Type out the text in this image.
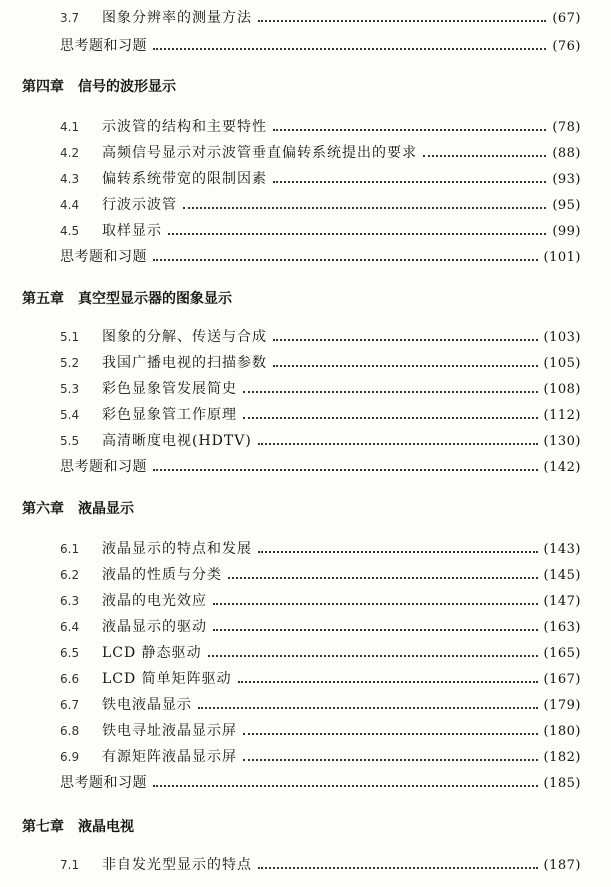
3.7	图象分辨率的测量方法	(67)
思考题和习题	(76)
第四章 信号的波形显示
4.1	示波管的结构和主要特性	(78)
4.2	高频信号显示对示波管垂直偏转系统提出的要求	(88)
4.3	偏转系统带宽的限制因素	(93)
4.4	行波示波管	(95)
4.5	取样显示	(99)
思考题和习题	(101)
第五章 真空型显示器的图象显示
5.1	图象的分解、传送与合成	(103)
5.2	我国广播电视的扫描参数	(105)
5.3	彩色显象管发展简史	(108)
5.4	彩色显象管工作原理	(112)
5.5	高清晰度电视(HDTV)	(130)
思考题和习题	(142)
第六章 液晶显示
6.1	液晶显示的特点和发展	(143)
6.2	液晶的性质与分类	(145)
6.3	液晶的电光效应	(147)
6.4	液晶显示的驱动	(163)
6.5	LCD 静态驱动	(165)
6.6	LCD 简单矩阵驱动	(167)
6.7	铁电液晶显示	(179)
6.8	铁电寻址液晶显示屏	(180)
6.9	有源矩阵液晶显示屏	(182)
思考题和习题	(185)
第七章 液晶电视
7.1	非自发光型显示的特点	(187)
